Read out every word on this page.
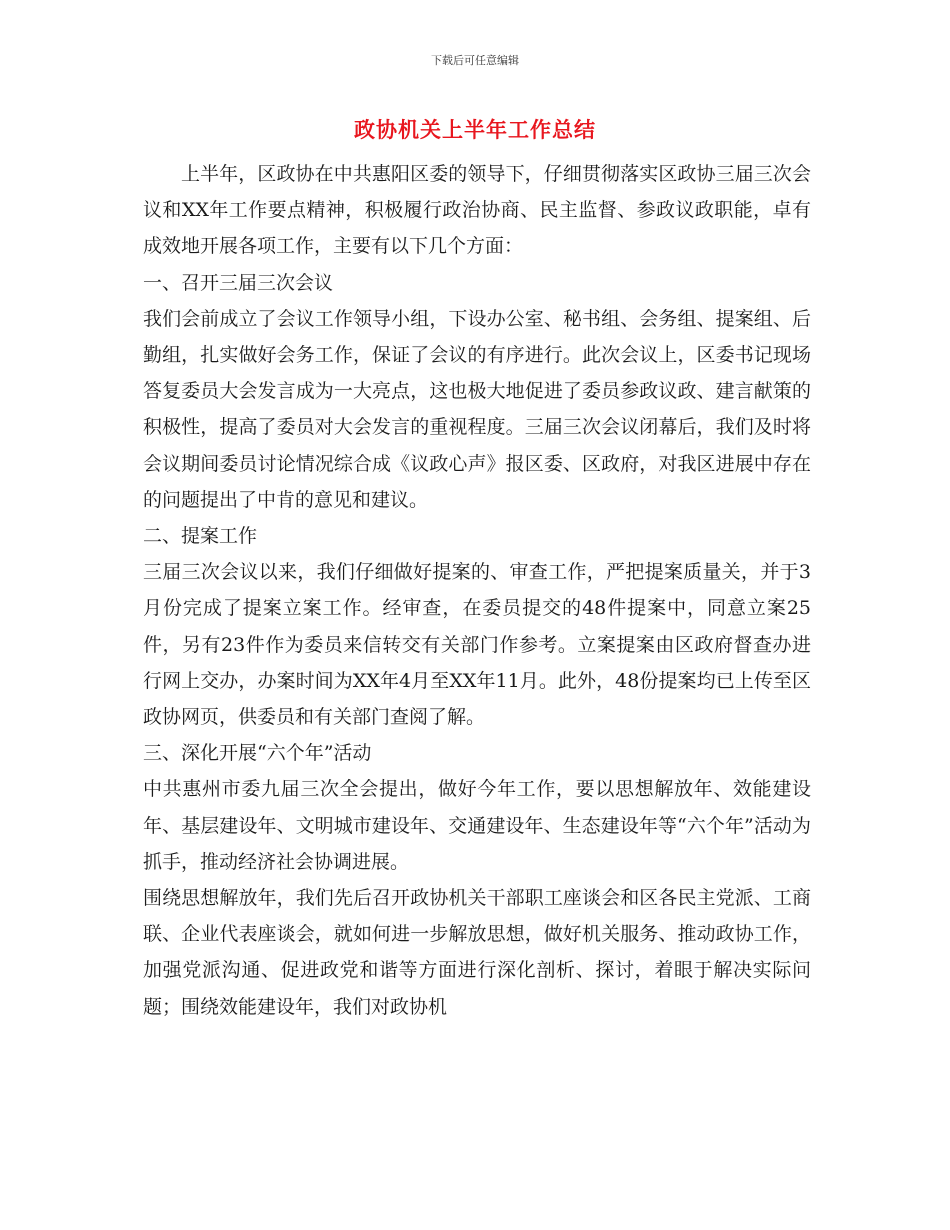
下载后可任意编辑
政协机关上半年工作总结

上半年，区政协在中共惠阳区委的领导下，仔细贯彻落实区政协三届三次会议和XX年工作要点精神，积极履行政治协商、民主监督、参政议政职能，卓有成效地开展各项工作，主要有以下几个方面：

一、召开三届三次会议

我们会前成立了会议工作领导小组，下设办公室、秘书组、会务组、提案组、后勤组，扎实做好会务工作，保证了会议的有序进行。此次会议上，区委书记现场答复委员大会发言成为一大亮点，这也极大地促进了委员参政议政、建言献策的积极性，提高了委员对大会发言的重视程度。三届三次会议闭幕后，我们及时将会议期间委员讨论情况综合成《议政心声》报区委、区政府，对我区进展中存在的问题提出了中肯的意见和建议。

二、提案工作

三届三次会议以来，我们仔细做好提案的、审查工作，严把提案质量关，并于3月份完成了提案立案工作。经审查，在委员提交的48件提案中，同意立案25件，另有23件作为委员来信转交有关部门作参考。立案提案由区政府督查办进行网上交办，办案时间为XX年4月至XX年11月。此外，48份提案均已上传至区政协网页，供委员和有关部门查阅了解。

三、深化开展“六个年”活动

中共惠州市委九届三次全会提出，做好今年工作，要以思想解放年、效能建设年、基层建设年、文明城市建设年、交通建设年、生态建设年等“六个年”活动为抓手，推动经济社会协调进展。

围绕思想解放年，我们先后召开政协机关干部职工座谈会和区各民主党派、工商联、企业代表座谈会，就如何进一步解放思想，做好机关服务、推动政协工作，加强党派沟通、促进政党和谐等方面进行深化剖析、探讨，着眼于解决实际问题；围绕效能建设年，我们对政协机
